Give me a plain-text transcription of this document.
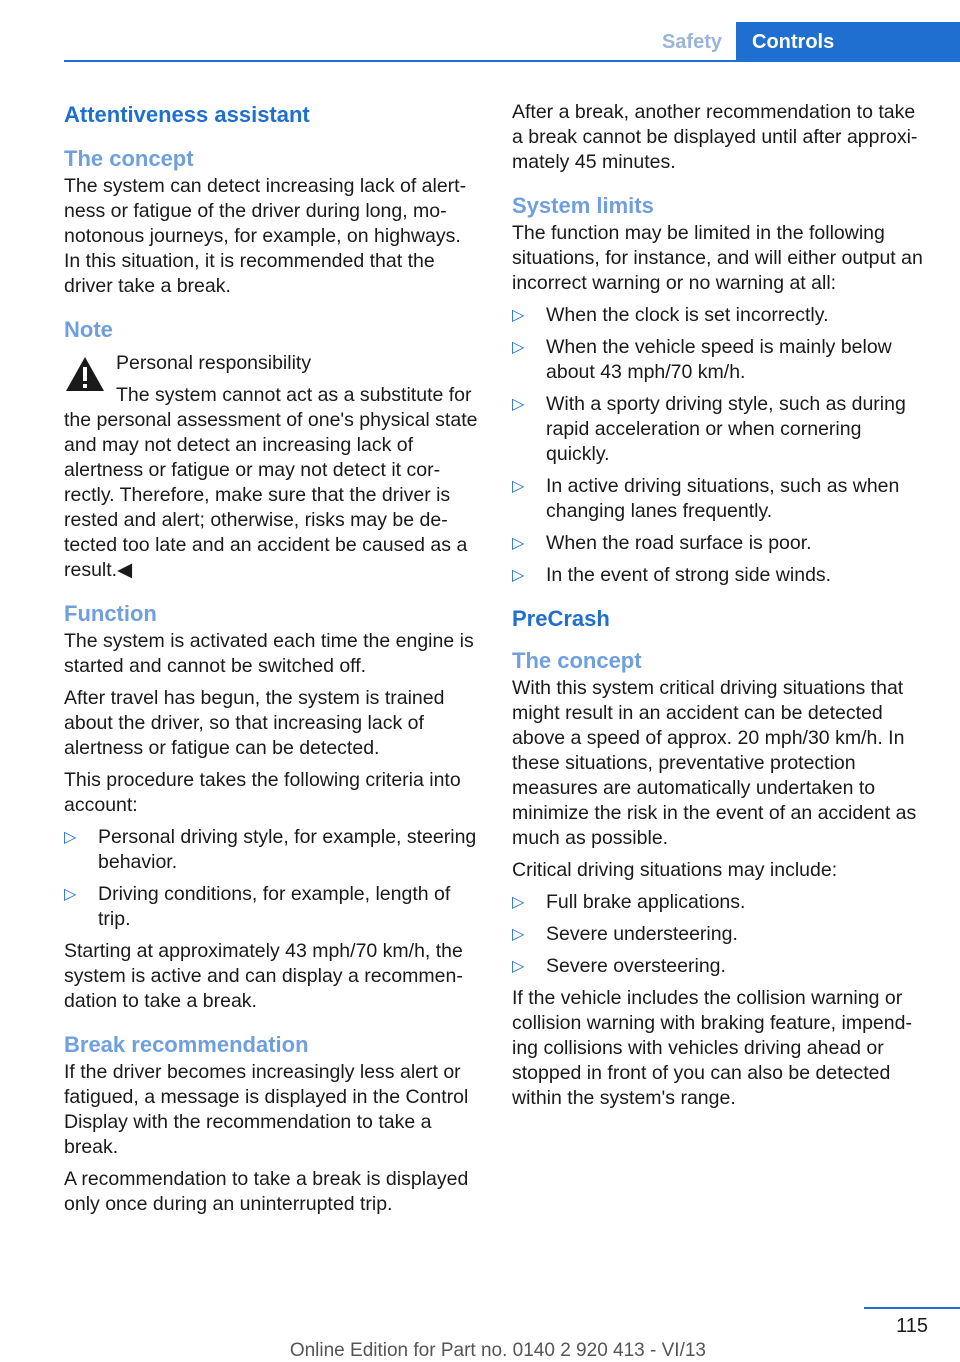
Safety	Controls
Attentiveness assistant
The concept

The system can detect increasing lack of alertness or fatigue of the driver during long, monotonous journeys, for example, on highways. In this situation, it is recommended that the driver take a break.

Note

Personal responsibility

The system cannot act as a substitute for

the personal assessment of one's physical state and may not detect an increasing lack of alertness or fatigue or may not detect it correctly. Therefore, make sure that the driver is rested and alert; otherwise, risks may be detected too late and an accident be caused as a result.◀

Function

The system is activated each time the engine is started and cannot be switched off.

After travel has begun, the system is trained about the driver, so that increasing lack of alertness or fatigue can be detected.

This procedure takes the following criteria into account:

▷ Personal driving style, for example, steering behavior.
▷ Driving conditions, for example, length of trip.

Starting at approximately 43 mph/70 km/h, the system is active and can display a recommendation to take a break.

Break recommendation

If the driver becomes increasingly less alert or fatigued, a message is displayed in the Control Display with the recommendation to take a break.

A recommendation to take a break is displayed only once during an uninterrupted trip.

After a break, another recommendation to take a break cannot be displayed until after approximately 45 minutes.

System limits

The function may be limited in the following situations, for instance, and will either output an incorrect warning or no warning at all:

▷ When the clock is set incorrectly.
▷ When the vehicle speed is mainly below about 43 mph/70 km/h.
▷ With a sporty driving style, such as during rapid acceleration or when cornering quickly.
▷ In active driving situations, such as when changing lanes frequently.
▷ When the road surface is poor.
▷ In the event of strong side winds.
PreCrash
The concept

With this system critical driving situations that might result in an accident can be detected above a speed of approx. 20 mph/30 km/h. In these situations, preventative protection measures are automatically undertaken to minimize the risk in the event of an accident as much as possible.

Critical driving situations may include:

▷ Full brake applications.
▷ Severe understeering.
▷ Severe oversteering.

If the vehicle includes the collision warning or collision warning with braking feature, impending collisions with vehicles driving ahead or stopped in front of you can also be detected within the system's range.

115
Online Edition for Part no. 0140 2 920 413 - VI/13
